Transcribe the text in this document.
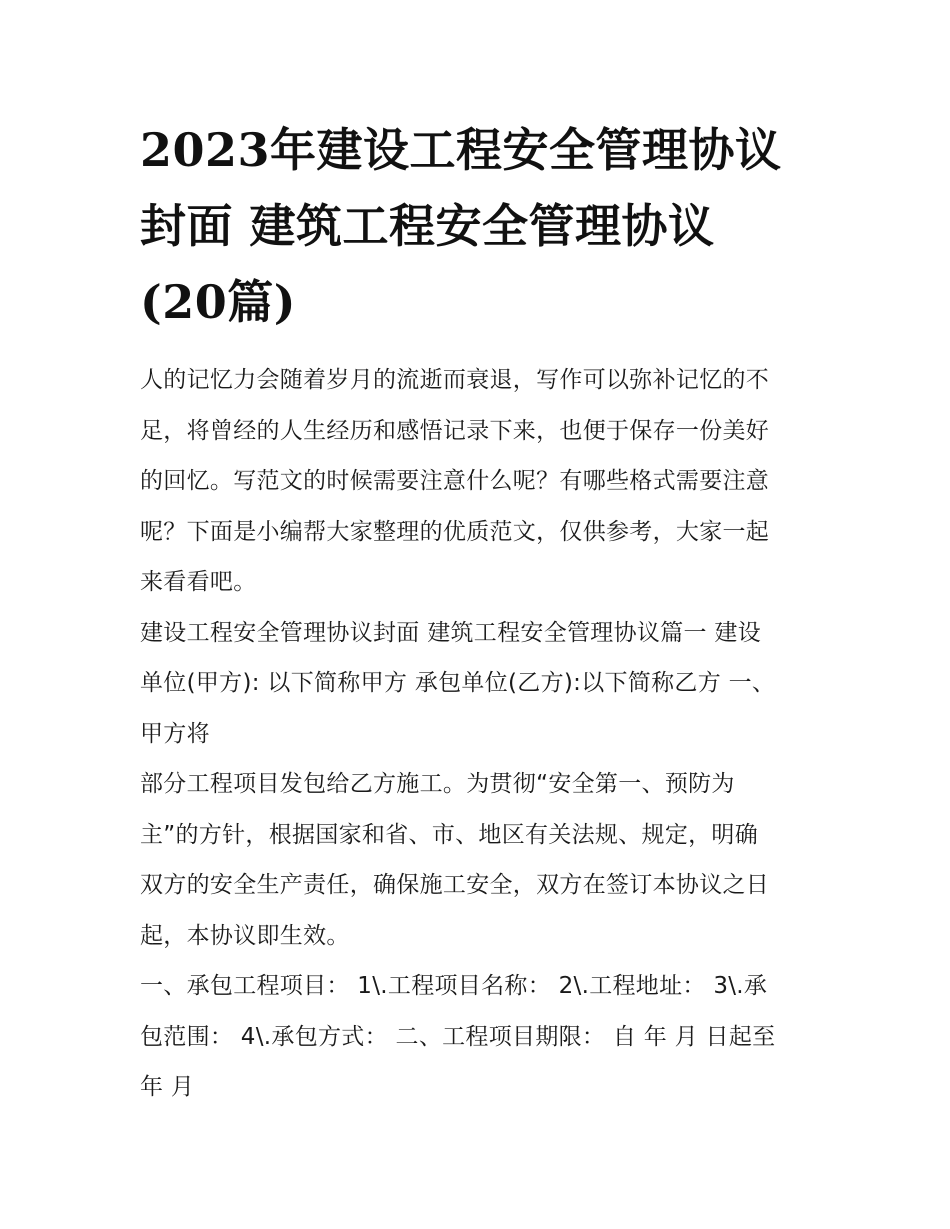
2023年建设工程安全管理协议
封面 建筑工程安全管理协议
(20篇)
人的记忆力会随着岁月的流逝而衰退，写作可以弥补记忆的不
足，将曾经的人生经历和感悟记录下来，也便于保存一份美好
的回忆。写范文的时候需要注意什么呢？有哪些格式需要注意
呢？下面是小编帮大家整理的优质范文，仅供参考，大家一起
来看看吧。
建设工程安全管理协议封面 建筑工程安全管理协议篇一 建设
单位(甲方): 以下简称甲方 承包单位(乙方):以下简称乙方 一、
甲方将
部分工程项目发包给乙方施工。为贯彻“安全第一、预防为
主”的方针，根据国家和省、市、地区有关法规、规定，明确
双方的安全生产责任，确保施工安全，双方在签订本协议之日
起，本协议即生效。
一、承包工程项目： 1\.工程项目名称： 2\.工程地址： 3\.承
包范围： 4\.承包方式： 二、工程项目期限： 自 年 月 日起至
年 月
